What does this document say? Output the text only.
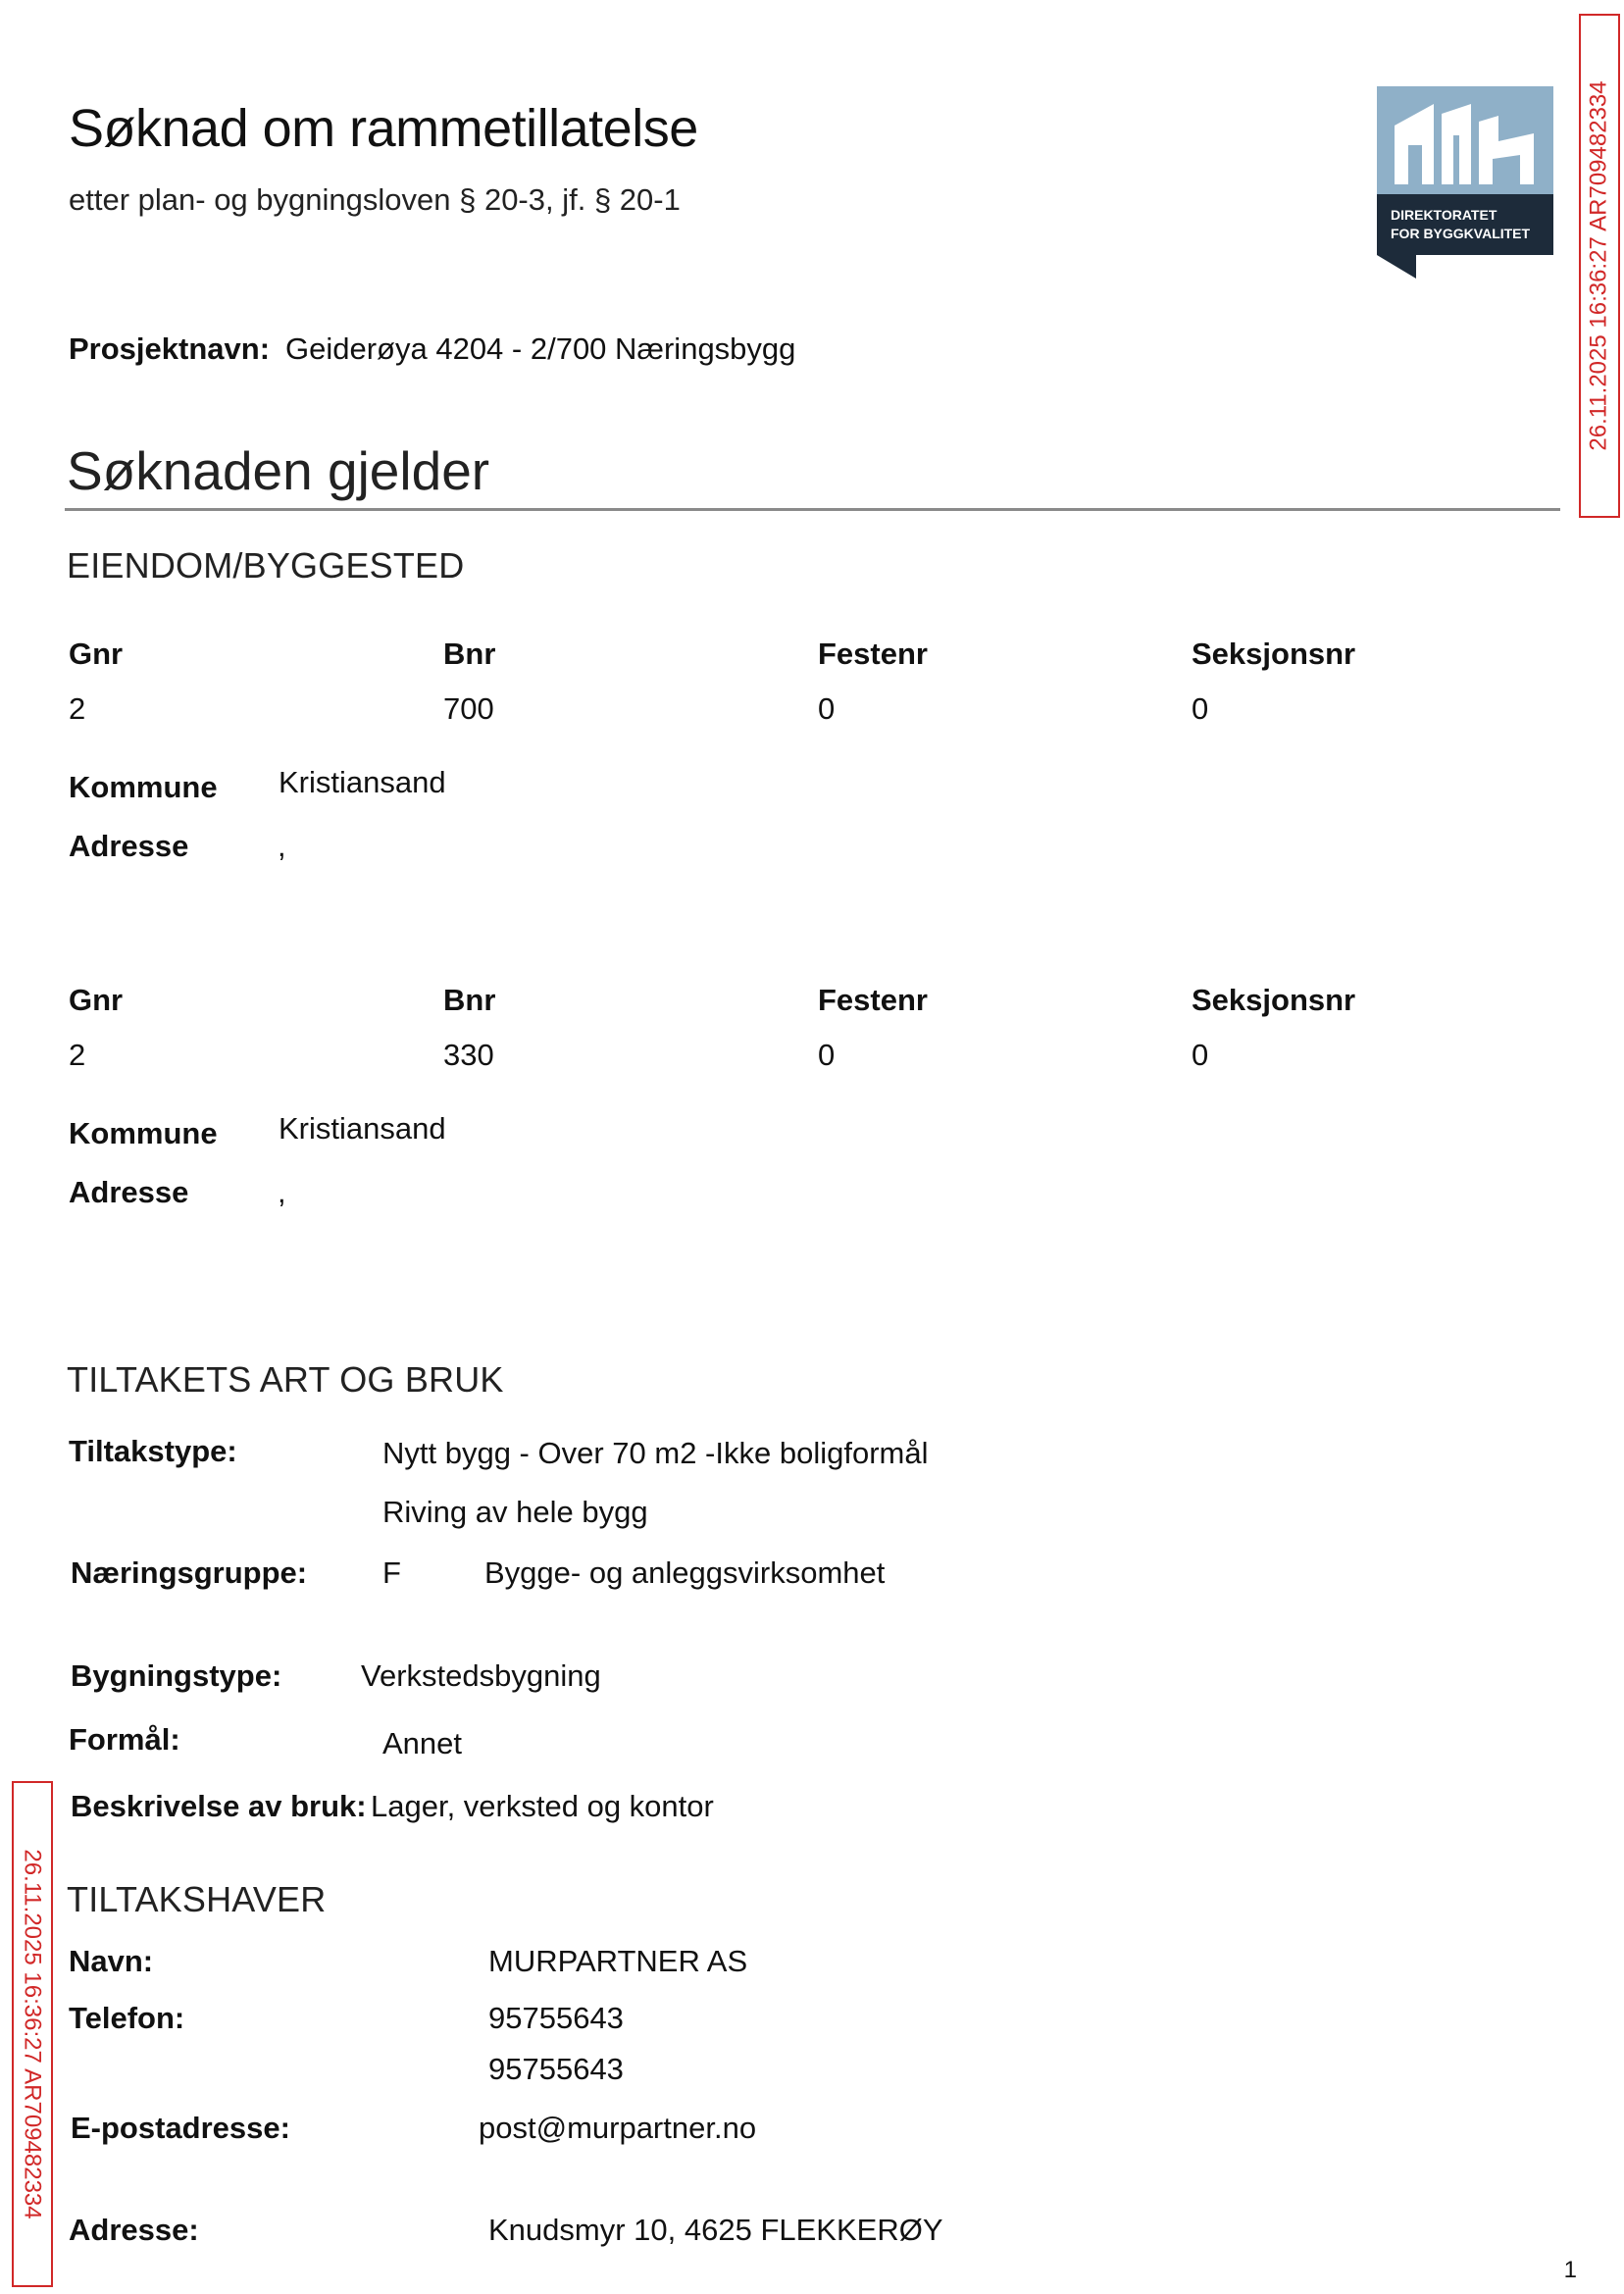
Søknad om rammetillatelse
etter plan- og bygningsloven § 20-3, jf. § 20-1	DIREKTORATET
FOR BYGGKVALITET
Prosjektnavn: Geiderøya 4204 - 2/700 Næringsbygg
Søknaden gjelder
EIENDOM/BYGGESTED
Gnr	Bnr	Festenr	Seksjonsnr
2	700	0	0
Kommune Kristiansand
Adresse	,
Gnr	Bnr	Festenr	Seksjonsnr
2	330	0	0
Kommune Kristiansand
Adresse	,
TILTAKETS ART OG BRUK
Tiltakstype:	Nytt bygg - Over 70 m2 -Ikke boligformål
Riving av hele bygg
Næringsgruppe: F	Bygge- og anleggsvirksomhet
Bygningstype:	Verkstedsbygning
Formål:	Annet
Beskrivelse av bruk: Lager, verksted og kontor
TILTAKSHAVER
Navn:	MURPARTNER AS
Telefon:	95755643
95755643
E-postadresse:	post@murpartner.no
Adresse:	Knudsmyr 10, 4625 FLEKKERØY
26.11.2025 16:36:27 AR709482334
26.11.2025 16:36:27 AR709482334
1
